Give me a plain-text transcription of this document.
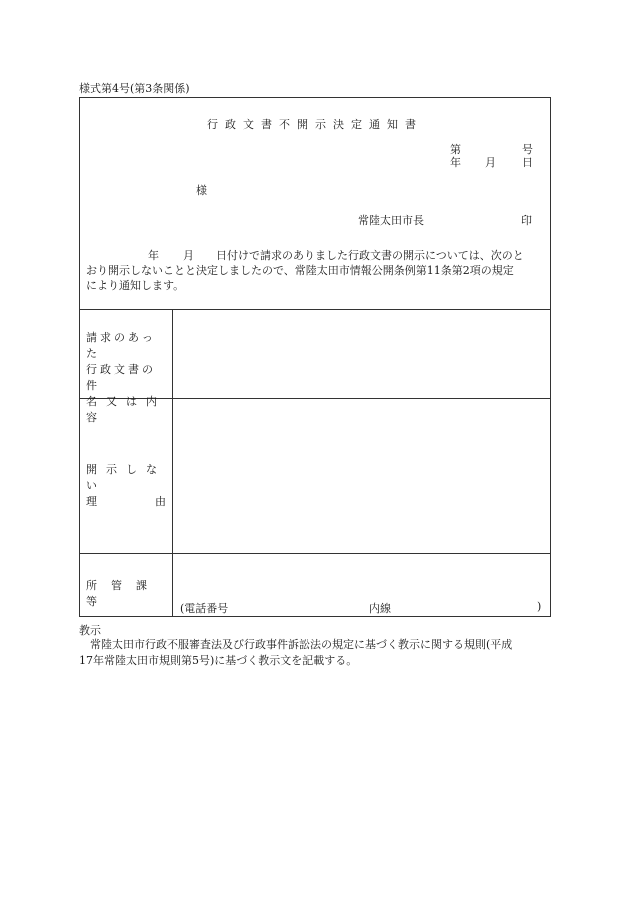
様式第4号(第3条関係)
行政文書不開示決定通知書
第	号
年 月 日
様
常陸太田市長	印
年 月 日付けで請求のありました行政文書の開示については、次のと
おり開示しないことと決定しましたので、常陸太田市情報公開条例第11条第2項の規定
により通知します。
請求のあった
行政文書の件
名又は内容
開示しない
理	由
所管課等
(電話番号	内線	)
教示
常陸太田市行政不服審査法及び行政事件訴訟法の規定に基づく教示に関する規則(平成
17年常陸太田市規則第5号)に基づく教示文を記載する。
